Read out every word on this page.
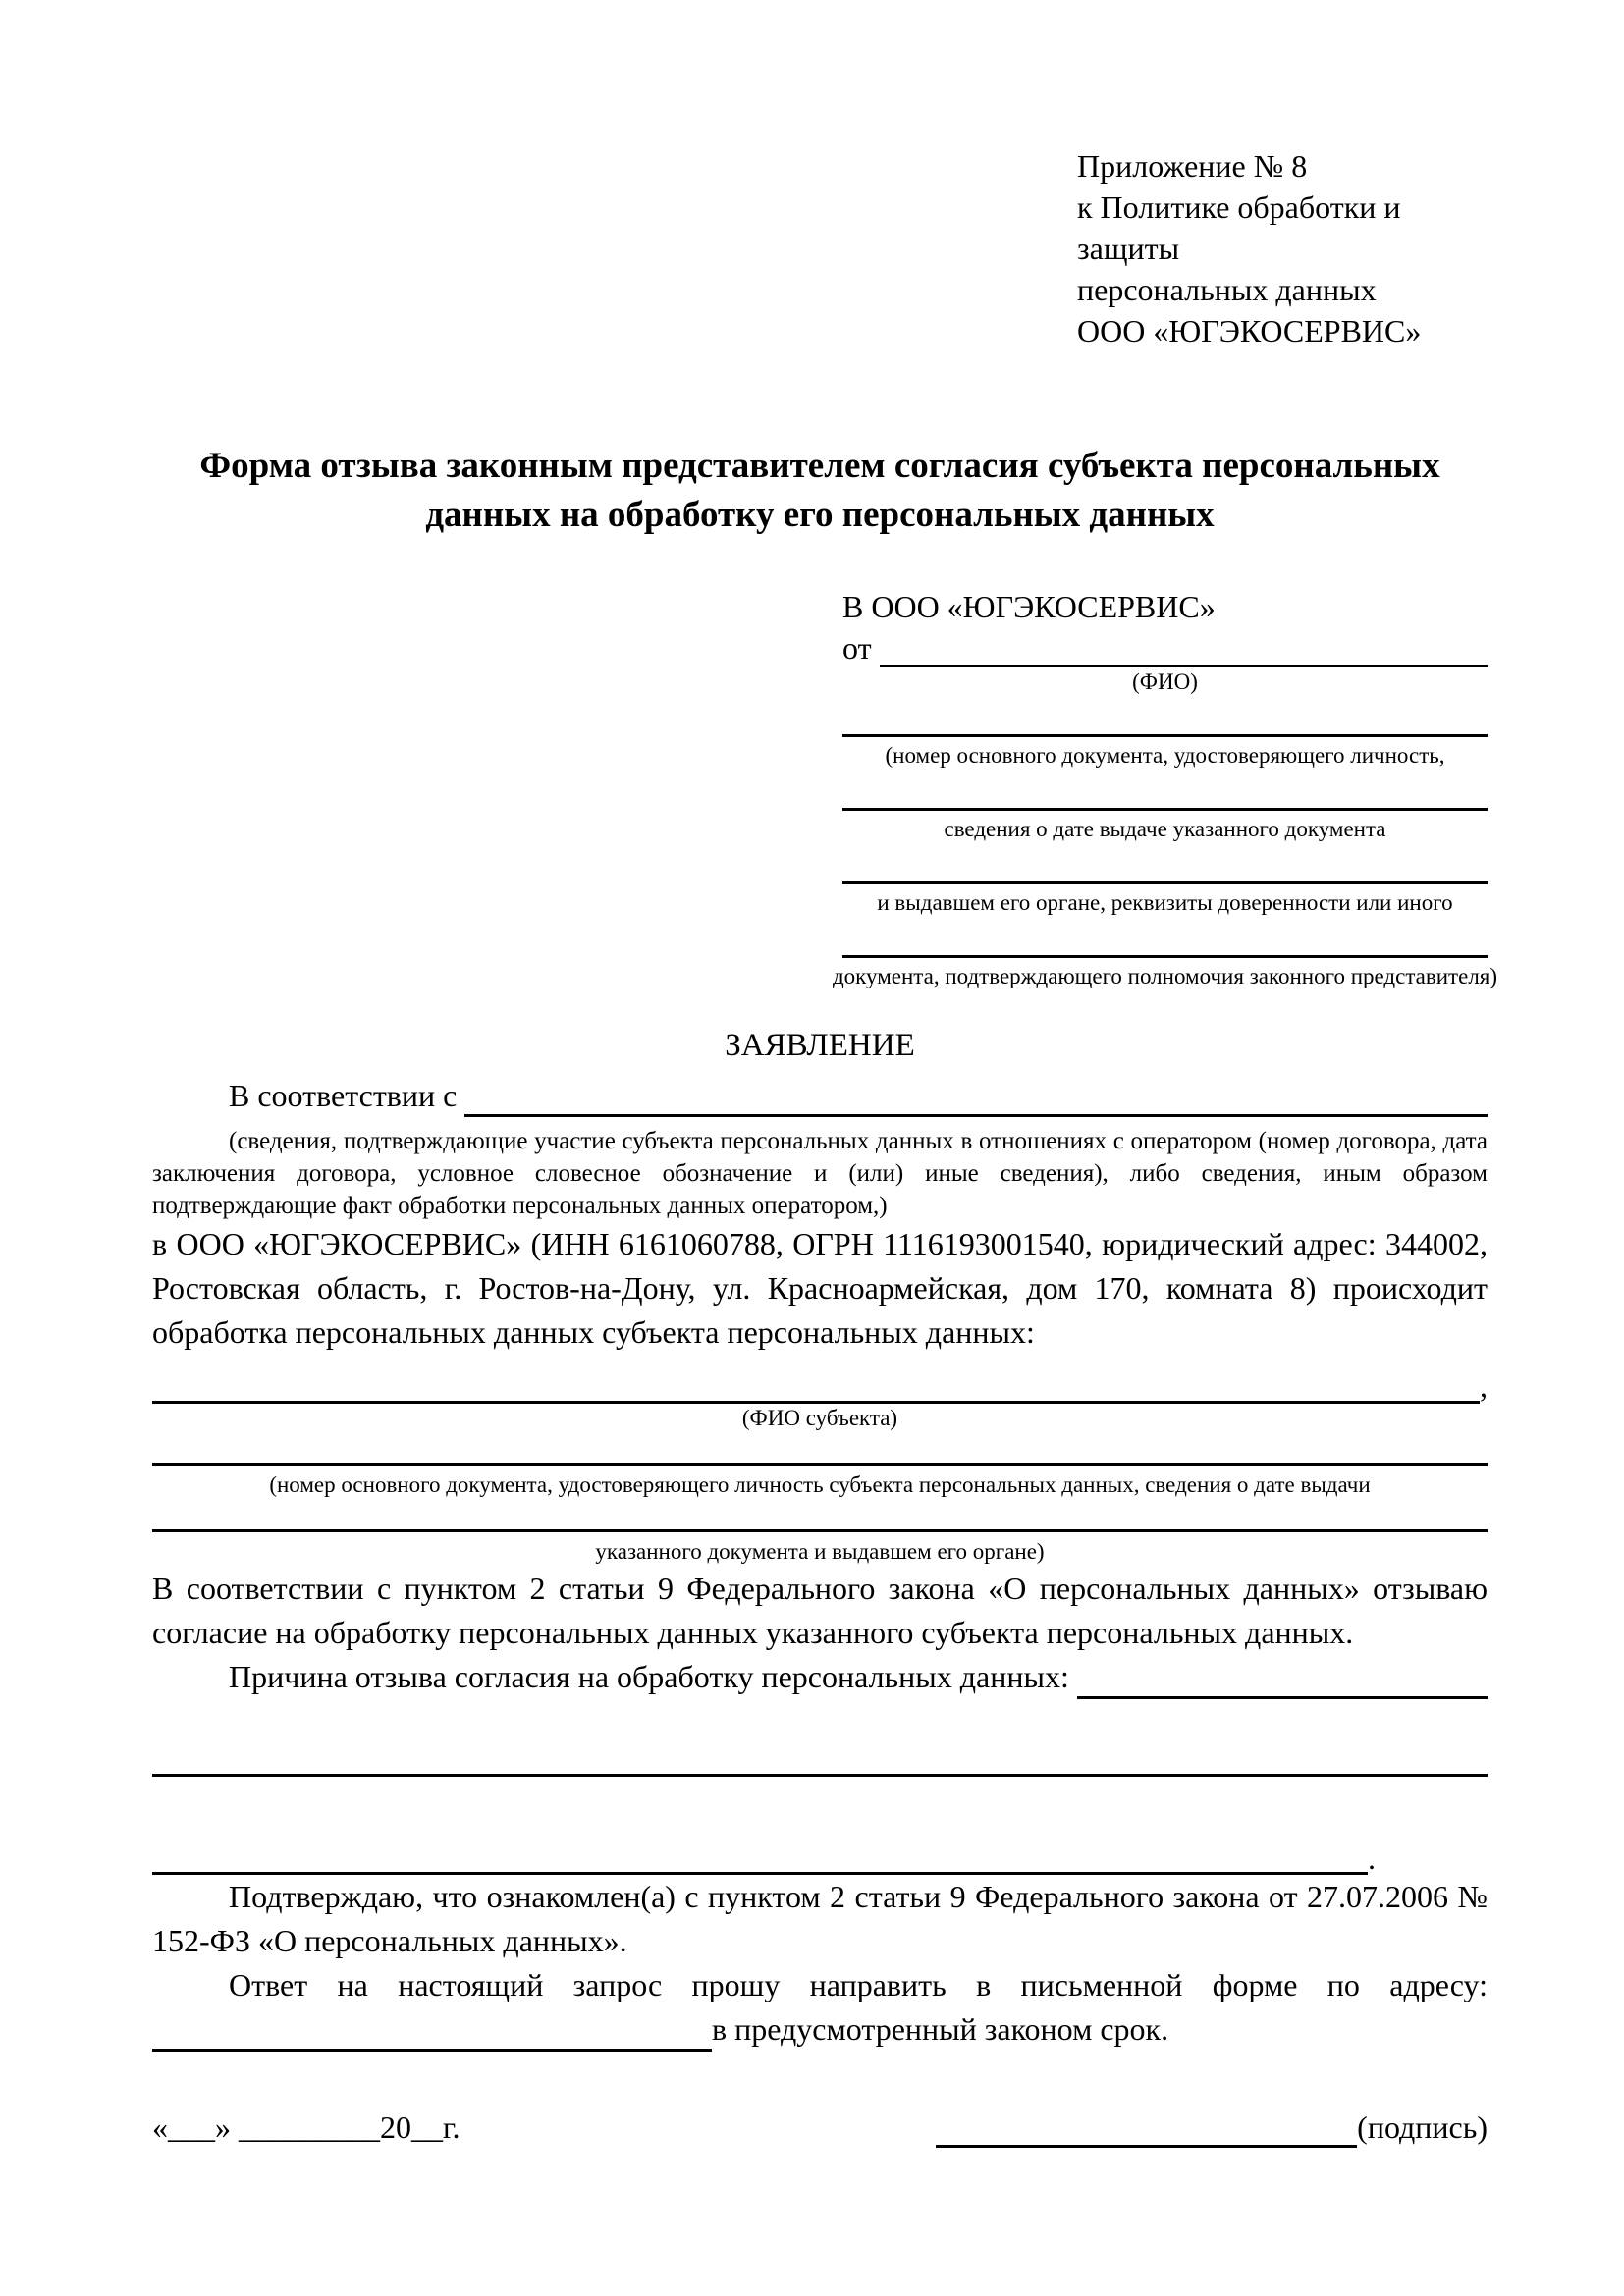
Приложение № 8
к Политике обработки и защиты
персональных данных
ООО «ЮГЭКОСЕРВИС»
Форма отзыва законным представителем согласия субъекта персональных данных на обработку его персональных данных
В ООО «ЮГЭКОСЕРВИС»
от
(ФИО)
(номер основного документа, удостоверяющего личность,
сведения о дате выдаче указанного документа
и выдавшем его органе, реквизиты доверенности или иного
документа, подтверждающего полномочия законного представителя)
ЗАЯВЛЕНИЕ
В соответствии с
(сведения, подтверждающие участие субъекта персональных данных в отношениях с оператором (номер договора, дата заключения договора, условное словесное обозначение и (или) иные сведения), либо сведения, иным образом подтверждающие факт обработки персональных данных оператором,)
в ООО «ЮГЭКОСЕРВИС» (ИНН 6161060788, ОГРН 1116193001540, юридический адрес: 344002, Ростовская область, г. Ростов-на-Дону, ул. Красноармейская, дом 170, комната 8) происходит обработка персональных данных субъекта персональных данных:
,
(ФИО субъекта)
(номер основного документа, удостоверяющего личность субъекта персональных данных, сведения о дате выдачи
указанного документа и выдавшем его органе)
В соответствии с пунктом 2 статьи 9 Федерального закона «О персональных данных» отзываю согласие на обработку персональных данных указанного субъекта персональных данных.
Причина отзыва согласия на обработку персональных данных:
.
Подтверждаю, что ознакомлен(а) с пунктом 2 статьи 9 Федерального закона от 27.07.2006 № 152-ФЗ «О персональных данных».
Ответ на настоящий запрос прошу направить в письменной форме по адресу:
в предусмотренный законом срок.
«___» _________20__г.	(подпись)
